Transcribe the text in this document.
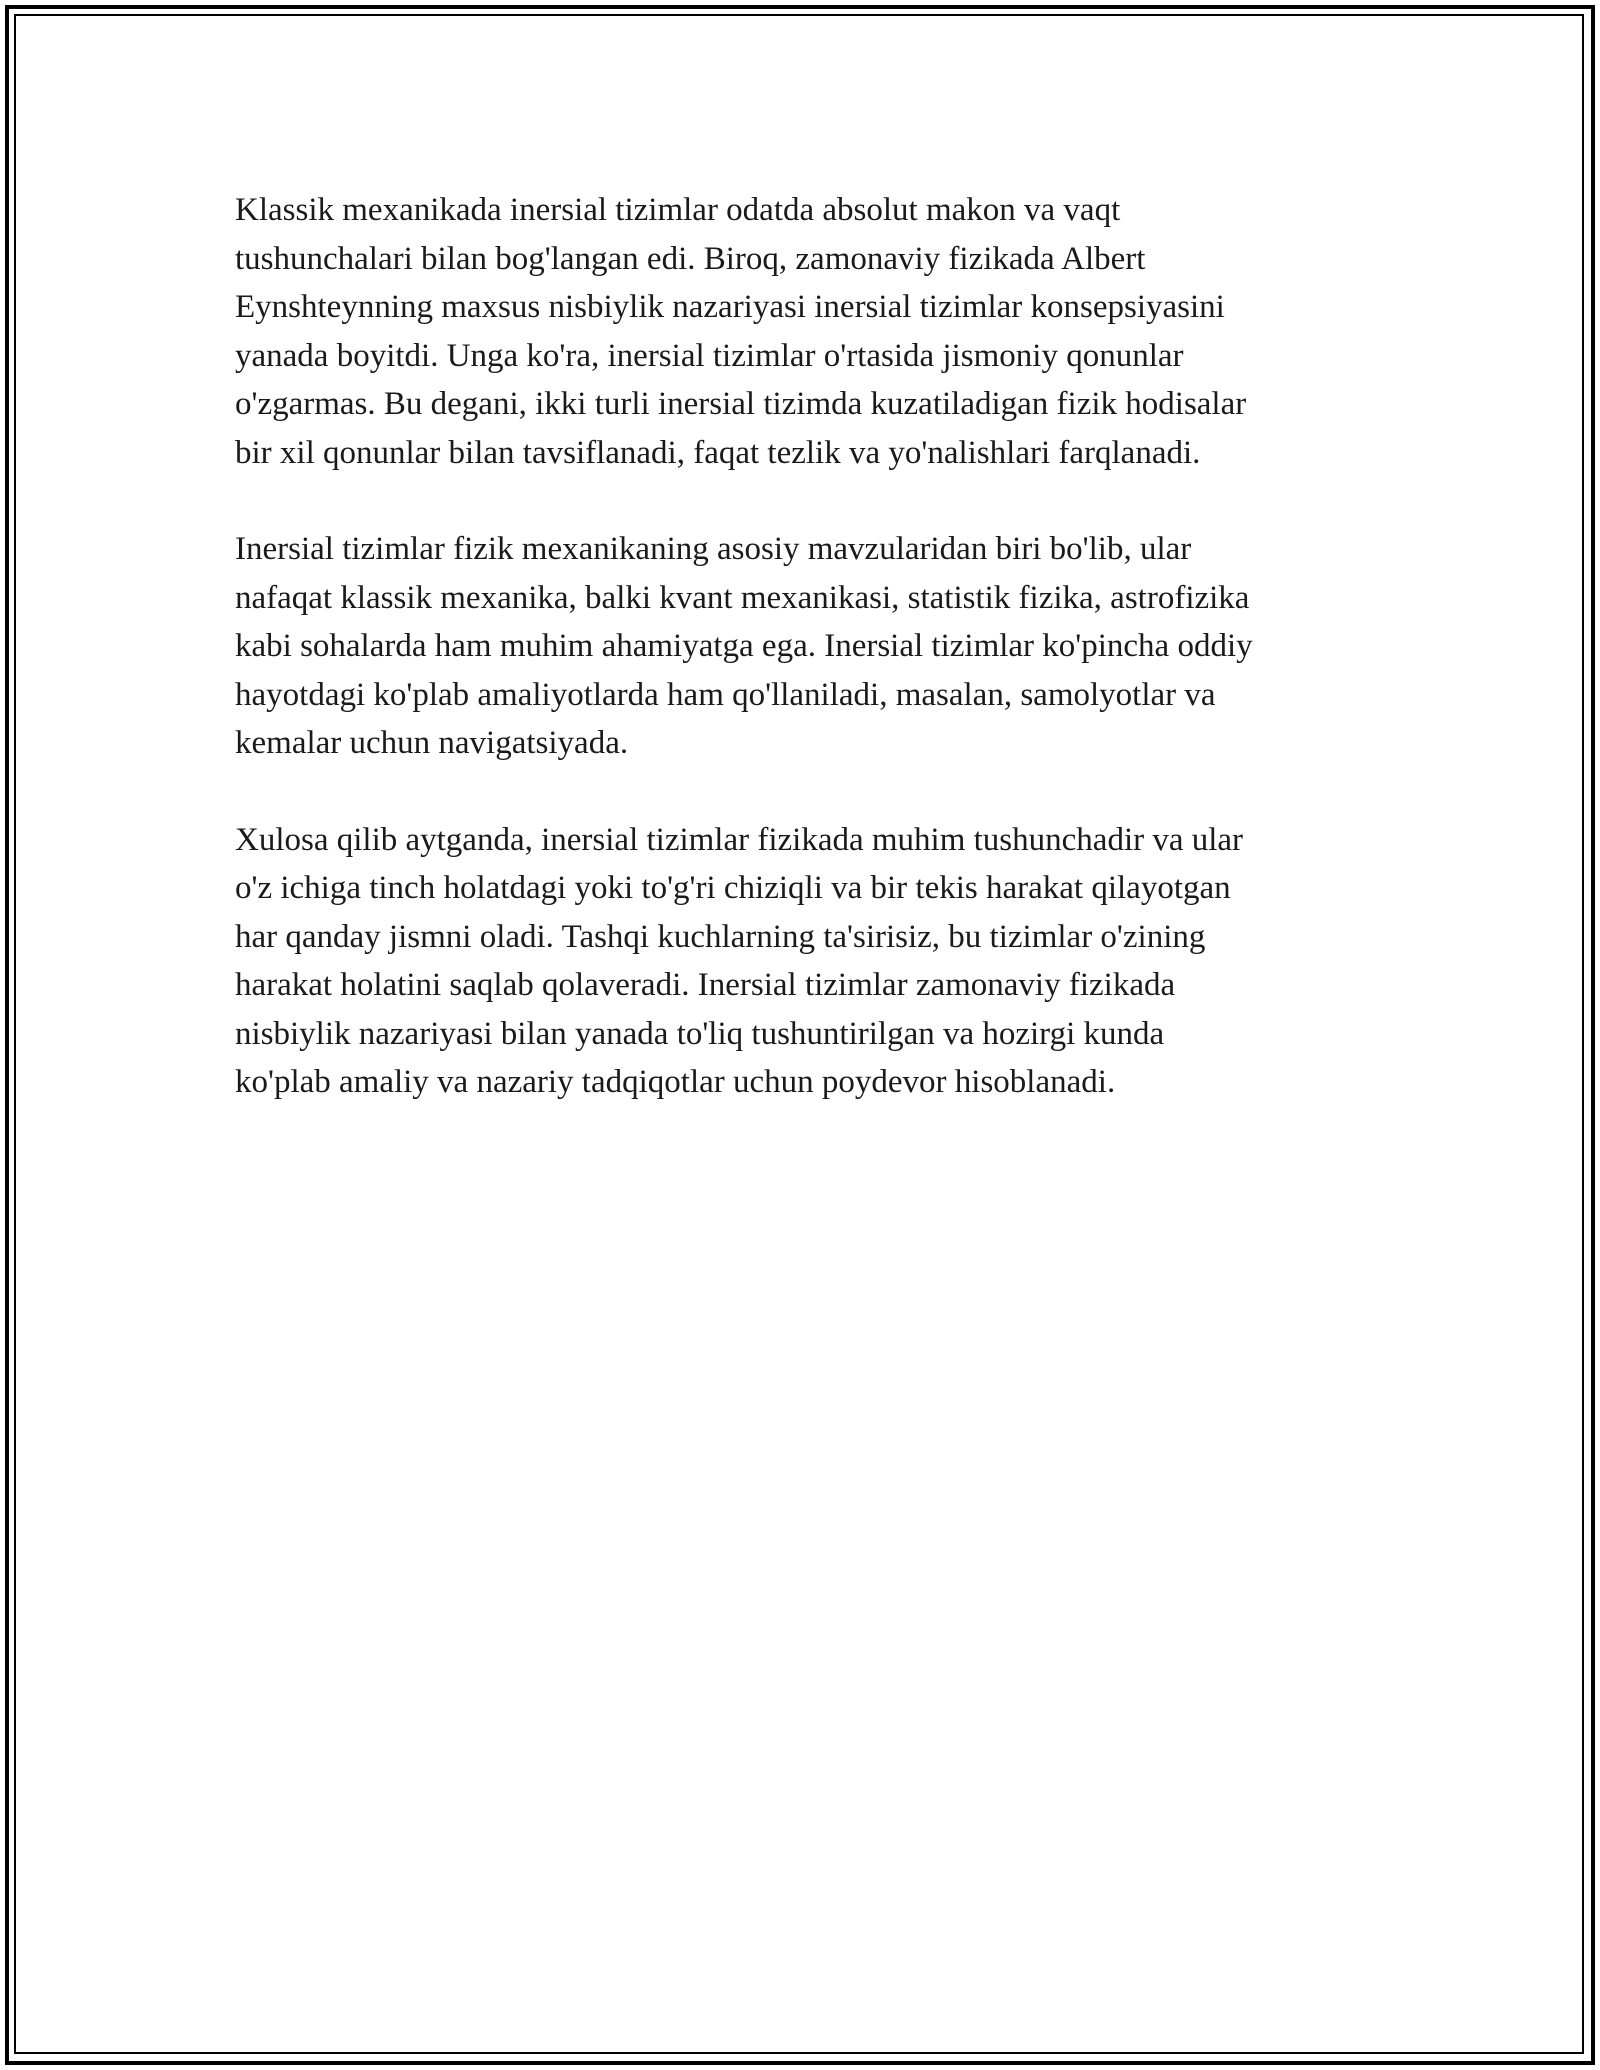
Klassik mexanikada inersial tizimlar odatda absolut makon va vaqt
tushunchalari bilan bog'langan edi. Biroq, zamonaviy fizikada Albert
Eynshteynning maxsus nisbiylik nazariyasi inersial tizimlar konsepsiyasini
yanada boyitdi. Unga ko'ra, inersial tizimlar o'rtasida jismoniy qonunlar
o'zgarmas. Bu degani, ikki turli inersial tizimda kuzatiladigan fizik hodisalar
bir xil qonunlar bilan tavsiflanadi, faqat tezlik va yo'nalishlari farqlanadi.

Inersial tizimlar fizik mexanikaning asosiy mavzularidan biri bo'lib, ular
nafaqat klassik mexanika, balki kvant mexanikasi, statistik fizika, astrofizika
kabi sohalarda ham muhim ahamiyatga ega. Inersial tizimlar ko'pincha oddiy
hayotdagi ko'plab amaliyotlarda ham qo'llaniladi, masalan, samolyotlar va
kemalar uchun navigatsiyada.

Xulosa qilib aytganda, inersial tizimlar fizikada muhim tushunchadir va ular
o'z ichiga tinch holatdagi yoki to'g'ri chiziqli va bir tekis harakat qilayotgan
har qanday jismni oladi. Tashqi kuchlarning ta'sirisiz, bu tizimlar o'zining
harakat holatini saqlab qolaveradi. Inersial tizimlar zamonaviy fizikada
nisbiylik nazariyasi bilan yanada to'liq tushuntirilgan va hozirgi kunda
ko'plab amaliy va nazariy tadqiqotlar uchun poydevor hisoblanadi.
